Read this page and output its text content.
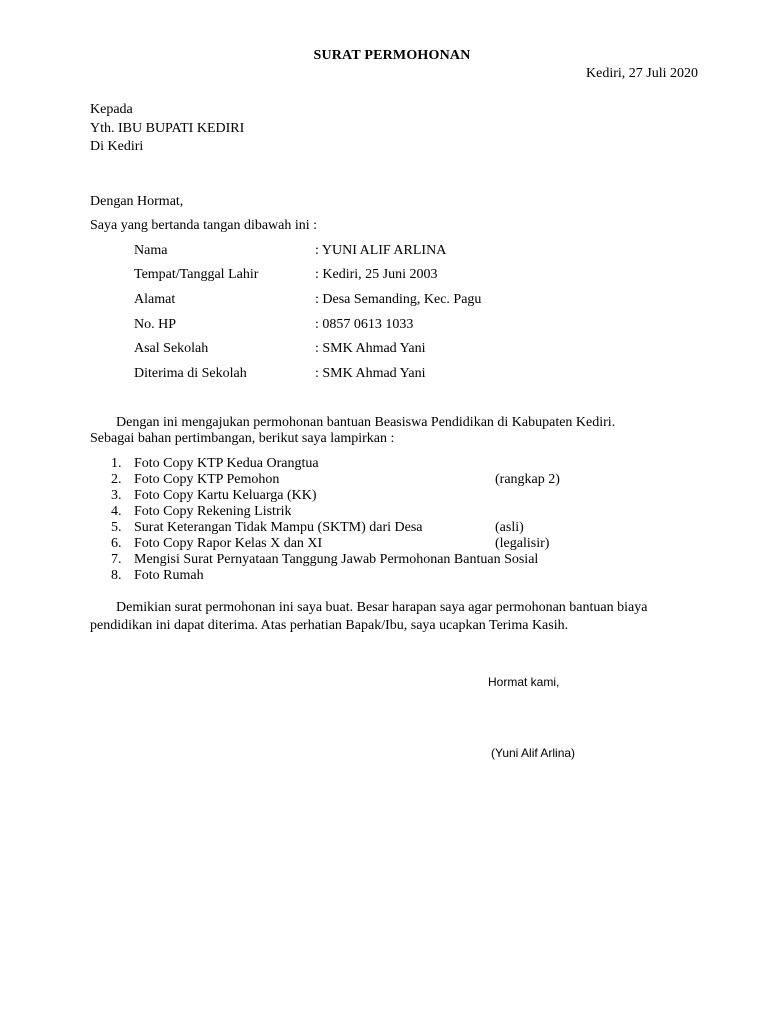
SURAT PERMOHONAN
Kediri, 27 Juli 2020
Kepada
Yth. IBU BUPATI KEDIRI
Di Kediri
Dengan Hormat,
Saya yang bertanda tangan dibawah ini :
Nama	: YUNI ALIF ARLINA
Tempat/Tanggal Lahir	: Kediri, 25 Juni 2003
Alamat	: Desa Semanding, Kec. Pagu
No. HP	: 0857 0613 1033
Asal Sekolah	: SMK Ahmad Yani
Diterima di Sekolah	: SMK Ahmad Yani
Dengan ini mengajukan permohonan bantuan Beasiswa Pendidikan di Kabupaten Kediri.
Sebagai bahan pertimbangan, berikut saya lampirkan :
1. Foto Copy KTP Kedua Orangtua
2. Foto Copy KTP Pemohon	(rangkap 2)
3. Foto Copy Kartu Keluarga (KK)
4. Foto Copy Rekening Listrik
5. Surat Keterangan Tidak Mampu (SKTM) dari Desa	(asli)
6. Foto Copy Rapor Kelas X dan XI	(legalisir)
7. Mengisi Surat Pernyataan Tanggung Jawab Permohonan Bantuan Sosial
8. Foto Rumah
Demikian surat permohonan ini saya buat. Besar harapan saya agar permohonan bantuan biaya
pendidikan ini dapat diterima. Atas perhatian Bapak/Ibu, saya ucapkan Terima Kasih.
Hormat kami,
(Yuni Alif Arlina)
